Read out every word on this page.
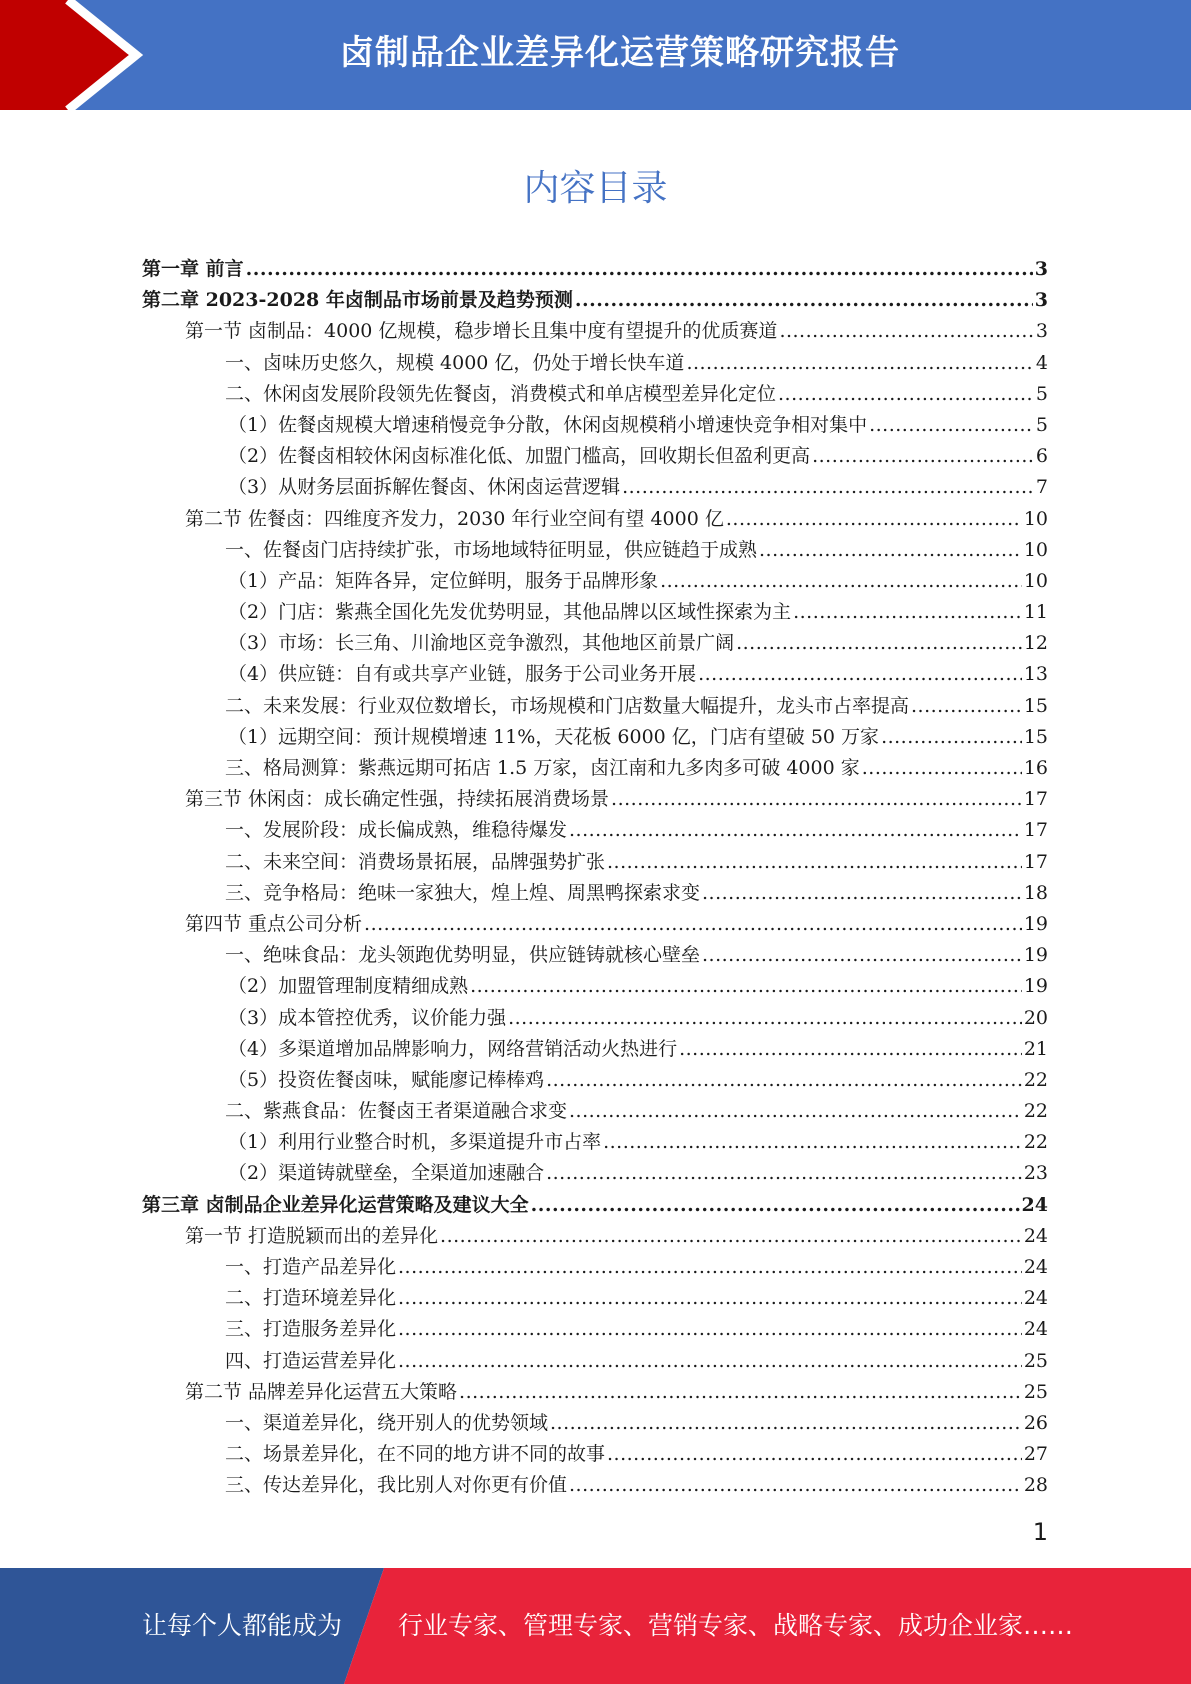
卤制品企业差异化运营策略研究报告
内容目录
第一章 前言 .....	3
第二章 2023-2028 年卤制品市场前景及趋势预测 .....	3
第一节 卤制品：4000 亿规模，稳步增长且集中度有望提升的优质赛道 .....	3
一、卤味历史悠久，规模 4000 亿，仍处于增长快车道 .....	4
二、休闲卤发展阶段领先佐餐卤，消费模式和单店模型差异化定位 .....	5
（1）佐餐卤规模大增速稍慢竞争分散，休闲卤规模稍小增速快竞争相对集中 .....	5
（2）佐餐卤相较休闲卤标准化低、加盟门槛高，回收期长但盈利更高 .....	6
（3）从财务层面拆解佐餐卤、休闲卤运营逻辑 .....	7
第二节 佐餐卤：四维度齐发力，2030 年行业空间有望 4000 亿 .....	10
一、佐餐卤门店持续扩张，市场地域特征明显，供应链趋于成熟 .....	10
（1）产品：矩阵各异，定位鲜明，服务于品牌形象 .....	10
（2）门店：紫燕全国化先发优势明显，其他品牌以区域性探索为主 .....	11
（3）市场：长三角、川渝地区竞争激烈，其他地区前景广阔 .....	12
（4）供应链：自有或共享产业链，服务于公司业务开展 .....	13
二、未来发展：行业双位数增长，市场规模和门店数量大幅提升，龙头市占率提高 .....	15
（1）远期空间：预计规模增速 11%，天花板 6000 亿，门店有望破 50 万家 .....	15
三、格局测算：紫燕远期可拓店 1.5 万家，卤江南和九多肉多可破 4000 家 .....	16
第三节 休闲卤：成长确定性强，持续拓展消费场景 .....	17
一、发展阶段：成长偏成熟，维稳待爆发 .....	17
二、未来空间：消费场景拓展，品牌强势扩张 .....	17
三、竞争格局：绝味一家独大，煌上煌、周黑鸭探索求变 .....	18
第四节 重点公司分析 .....	19
一、绝味食品：龙头领跑优势明显，供应链铸就核心壁垒 .....	19
（2）加盟管理制度精细成熟 .....	19
（3）成本管控优秀，议价能力强 .....	20
（4）多渠道增加品牌影响力，网络营销活动火热进行 .....	21
（5）投资佐餐卤味，赋能廖记棒棒鸡 .....	22
二、紫燕食品：佐餐卤王者渠道融合求变 .....	22
（1）利用行业整合时机，多渠道提升市占率 .....	22
（2）渠道铸就壁垒，全渠道加速融合 .....	23
第三章 卤制品企业差异化运营策略及建议大全 .....	24
第一节 打造脱颖而出的差异化 .....	24
一、打造产品差异化 .....	24
二、打造环境差异化 .....	24
三、打造服务差异化 .....	24
四、打造运营差异化 .....	25
第二节 品牌差异化运营五大策略 .....	25
一、渠道差异化，绕开别人的优势领域 .....	26
二、场景差异化，在不同的地方讲不同的故事 .....	27
三、传达差异化，我比别人对你更有价值 .....	28
1
让每个人都能成为 行业专家、管理专家、营销专家、战略专家、成功企业家……
